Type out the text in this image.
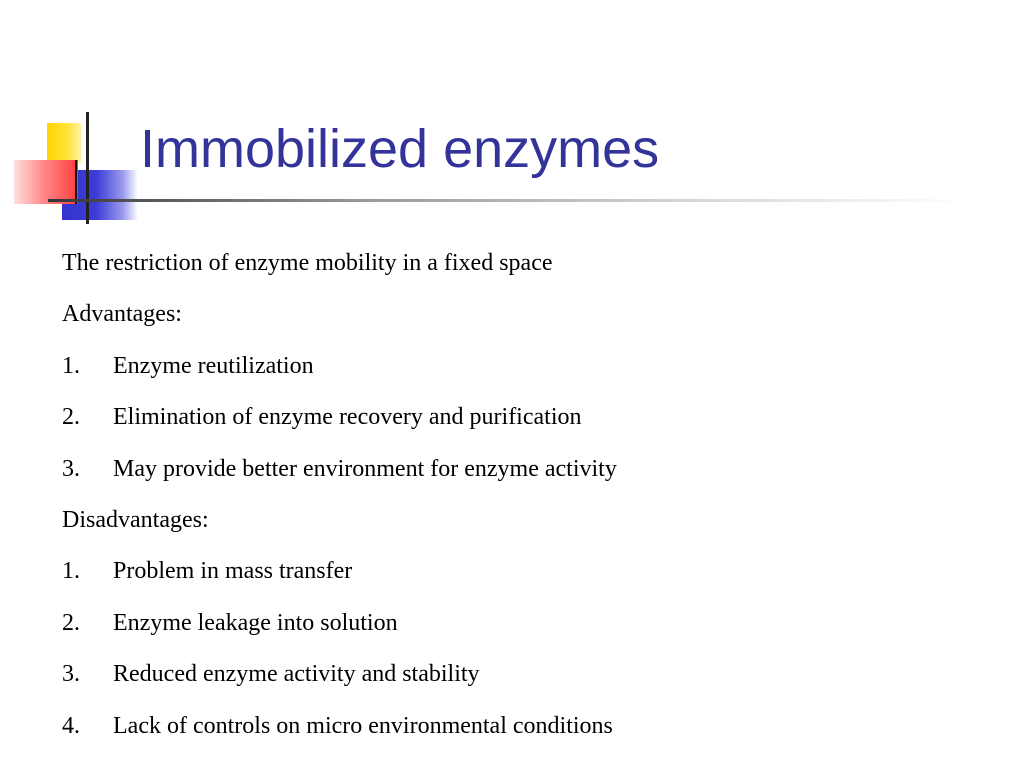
Immobilized enzymes

The restriction of enzyme mobility in a fixed space

Advantages:

1.	Enzyme reutilization
2.	Elimination of enzyme recovery and purification
3.	May provide better environment for enzyme activity

Disadvantages:

1.	Problem in mass transfer
2.	Enzyme leakage into solution
3.	Reduced enzyme activity and stability
4.	Lack of controls on micro environmental conditions
